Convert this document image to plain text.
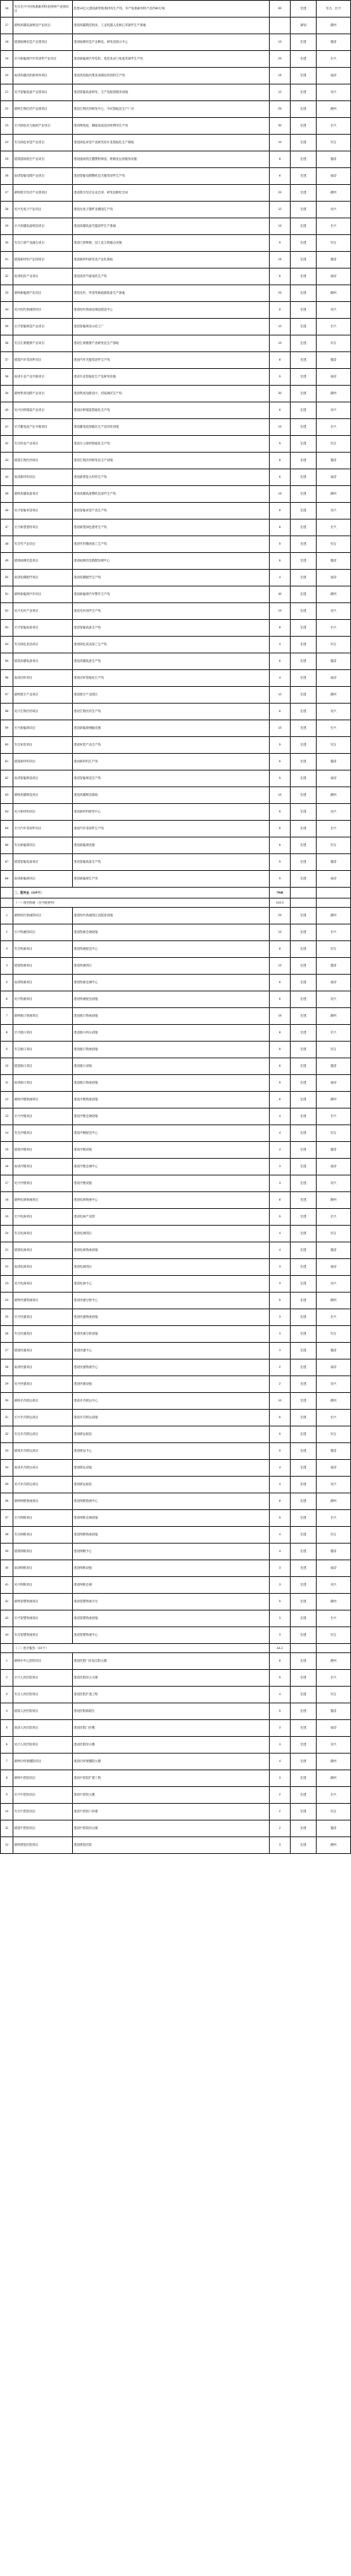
16	安吉长兴中信铝基新材料及特种产业园项目	投资12亿元建设新型铝基材料生产线，年产铝基新材料产品约80万吨	50	在建	安吉、长兴
17	湖州高端装备制造产业项目	建设高端数控机床、工业机器人及核心零部件生产基地		谋划	湖州
18	德清地理信息产业园项目	建设地理信息产业孵化、研发及展示中心	10	在建	德清
19	长兴新能源汽车零部件产业项目	建设新能源汽车电机、电控及动力电池零部件生产线	20	在建	长兴
20	南浔高端纺织新材料项目	建设高性能纤维及高端纺织面料生产线	15	在建	南浔
21	吴兴智能装备产业园项目	建设智能装备研发、生产及配套服务设施	12	在建	吴兴
22	湖州生物医药产业园项目	建设生物医药研发中心、中试基地及生产厂房	25	在建	湖州
23	长兴绿色动力能源产业项目	建设锂电池、储能电池及回收利用生产线	30	在建	长兴
24	安吉绿色家居产业项目	建设绿色家居产品研发设计及智能化生产基地	10	在建	安吉
25	德清通用航空产业项目	建设通用航空器整机制造、维修及运营服务设施	8	在建	德清
26	南浔智能电梯产业项目	建设智能电梯整机及关键零部件生产线	6	在建	南浔
27	湖州数字经济产业园项目	建设数字经济企业总部、研发及孵化空间	20	在建	湖州
28	吴兴光电子产业项目	建设光电子器件及模组生产线	12	在建	吴兴
29	长兴高端装备制造项目	建设高端装备关键部件生产基地	10	在建	长兴
30	安吉白茶产业融合项目	建设白茶种植、加工及文旅融合设施	5	在建	安吉
31	德清新材料产业园项目	建设新材料研发及产业化基地	15	在建	德清
32	南浔电机产业项目	建设高效节能电机生产线	6	在建	南浔
33	湖州新能源产业项目	建设光伏、风电等新能源装备生产基地	20	在建	湖州
34	吴兴现代物流园项目	建设现代物流仓储及配送中心	8	在建	吴兴
35	长兴智能制造产业项目	建设智能制造示范工厂	12	在建	长兴
36	安吉生命健康产业项目	建设生命健康产品研发及生产基地	10	在建	安吉
37	德清汽车零部件项目	建设汽车关键零部件生产线	8	在建	德清
38	南浔木业产业升级项目	建设木业智能化生产及研发设施	5	在建	南浔
39	湖州集成电路产业项目	建设集成电路设计、封装测试生产线	30	在建	湖州
40	吴兴纺织服装产业项目	建设纺织服装智能化生产线	6	在建	吴兴
41	长兴蓄电池产业升级项目	建设蓄电池智能化生产及回收设施	10	在建	长兴
42	安吉椅业产业项目	建设办公座椅智能化生产线	5	在建	安吉
43	德清生物医药项目	建设生物医药研发及生产设施	8	在建	德清
44	南浔新材料项目	建设新型复合材料生产线	6	在建	南浔
45	湖州高端装备项目	建设高端装备整机及部件生产线	15	在建	湖州
46	吴兴智能家居项目	建设智能家居产品生产线	8	在建	吴兴
47	长兴新型建材项目	建设新型绿色建材生产线	6	在建	长兴
48	安吉竹产业项目	建设竹材精深加工生产线	5	在建	安吉
49	德清地理信息项目	建设地理信息数据处理中心	6	在建	德清
50	南浔电梯配件项目	建设电梯配件生产线	4	在建	南浔
51	湖州新能源汽车项目	建设新能源汽车整车生产线	40	在建	湖州
52	吴兴光伏产业项目	建设光伏组件生产线	10	在建	吴兴
53	长兴智能装备项目	建设智能装备生产线	8	在建	长兴
54	安吉绿色食品项目	建设绿色食品加工生产线	4	在建	安吉
55	德清高端装备项目	建设高端装备生产线	6	在建	德清
56	南浔纺织项目	建设纺织智能化生产线	4	在建	南浔
57	湖州数字产业项目	建设数字产业园区	12	在建	湖州
58	吴兴生物医药项目	建设生物医药生产线	6	在建	吴兴
59	长兴新能源项目	建设新能源储能设施	10	在建	长兴
60	安吉家居项目	建设家居产品生产线	5	在建	安吉
61	德清新材料项目	建设新材料生产线	6	在建	德清
62	南浔智能制造项目	建设智能制造生产线	5	在建	南浔
63	湖州高端制造项目	建设高端制造基地	10	在建	湖州
64	吴兴新材料项目	建设新材料研发中心	6	在建	吴兴
65	长兴汽车零部件项目	建设汽车零部件生产线	6	在建	长兴
66	安吉新能源项目	建设新能源设施	6	在建	安吉
67	德清智能装备项目	建设智能装备生产线	5	在建	德清
68	南浔新能源项目	建设新能源生产线	5	在建	南浔
	二、服务业（129个）		7948		
	（一）现代物流（含中欧班列）		124.3		
1	湖州现代物流园项目	建设现代物流园区及配套设施	20	在建	湖州
2	长兴物流园项目	建设物流仓储设施	10	在建	长兴
3	安吉物流项目	建设物流配送中心	8	在建	安吉
4	德清物流项目	建设物流园区	10	在建	德清
5	南浔物流项目	建设物流仓储中心	6	在建	南浔
6	吴兴物流项目	建设物流配送设施	6	在建	吴兴
7	湖州港口物流项目	建设港口物流设施	15	在建	湖州
8	长兴港口项目	建设港口码头设施	8	在建	长兴
9	安吉港口项目	建设港口物流设施	6	在建	安吉
10	德清港口项目	建设港口设施	6	在建	德清
11	南浔港口项目	建设港口物流设施	5	在建	南浔
12	湖州冷链物流项目	建设冷链物流设施	6	在建	湖州
13	长兴冷链项目	建设冷链仓储设施	4	在建	长兴
14	安吉冷链项目	建设冷链配送中心	4	在建	安吉
15	德清冷链项目	建设冷链设施	4	在建	德清
16	南浔冷链项目	建设冷链仓储中心	3	在建	南浔
17	吴兴冷链项目	建设冷链设施	3	在建	吴兴
18	湖州电商物流项目	建设电商物流中心	8	在建	湖州
19	长兴电商项目	建设电商产业园	5	在建	长兴
20	安吉电商项目	建设电商园区	4	在建	安吉
21	德清电商项目	建设电商物流设施	4	在建	德清
22	南浔电商项目	建设电商园区	3	在建	南浔
23	吴兴电商项目	建设电商中心	3	在建	吴兴
24	湖州快递物流项目	建设快递分拨中心	5	在建	湖州
25	长兴快递项目	建设快递物流设施	3	在建	长兴
26	安吉快递项目	建设快递分拨设施	3	在建	安吉
27	德清快递项目	建设快递中心	3	在建	德清
28	南浔快递项目	建设快递物流中心	2	在建	南浔
29	吴兴快递项目	建设快递设施	2	在建	吴兴
30	湖州多式联运项目	建设多式联运中心	10	在建	湖州
31	长兴多式联运项目	建设多式联运设施	6	在建	长兴
32	安吉多式联运项目	建设联运枢纽	5	在建	安吉
33	德清多式联运项目	建设联运中心	5	在建	德清
34	南浔多式联运项目	建设联运设施	4	在建	南浔
35	吴兴多式联运项目	建设联运枢纽	4	在建	吴兴
36	湖州保税物流项目	建设保税物流中心	8	在建	湖州
37	长兴保税项目	建设保税仓储设施	5	在建	长兴
38	安吉保税项目	建设保税物流设施	4	在建	安吉
39	德清保税项目	建设保税中心	4	在建	德清
40	南浔保税项目	建设保税设施	3	在建	南浔
41	吴兴保税项目	建设保税仓储	3	在建	吴兴
42	湖州智慧物流项目	建设智慧物流平台	5	在建	湖州
43	长兴智慧物流项目	建设智慧物流设施	3	在建	长兴
44	安吉智慧物流项目	建设智慧物流中心	3	在建	安吉
	（二）医疗服务（XX个）		44.2		
1	湖州市中心医院项目	建设医院门诊及住院大楼	8	在建	湖州
2	长兴人民医院项目	建设医院综合大楼	5	在建	长兴
3	安吉人民医院项目	建设医院扩建工程	4	在建	安吉
4	德清人民医院项目	建设医院新院区	5	在建	德清
5	南浔人民医院项目	建设医院门诊楼	3	在建	南浔
6	吴兴人民医院项目	建设医院综合楼	3	在建	吴兴
7	湖州妇幼保健院项目	建设妇幼保健院大楼	4	在建	湖州
8	湖州中医院项目	建设中医院扩建工程	3	在建	湖州
9	长兴中医院项目	建设中医院大楼	2	在建	长兴
10	安吉中医院项目	建设中医院门诊楼	2	在建	安吉
11	德清中医院项目	建设中医院综合楼	2	在建	德清
12	湖州康复医院项目	建设康复医院	3	在建	湖州
